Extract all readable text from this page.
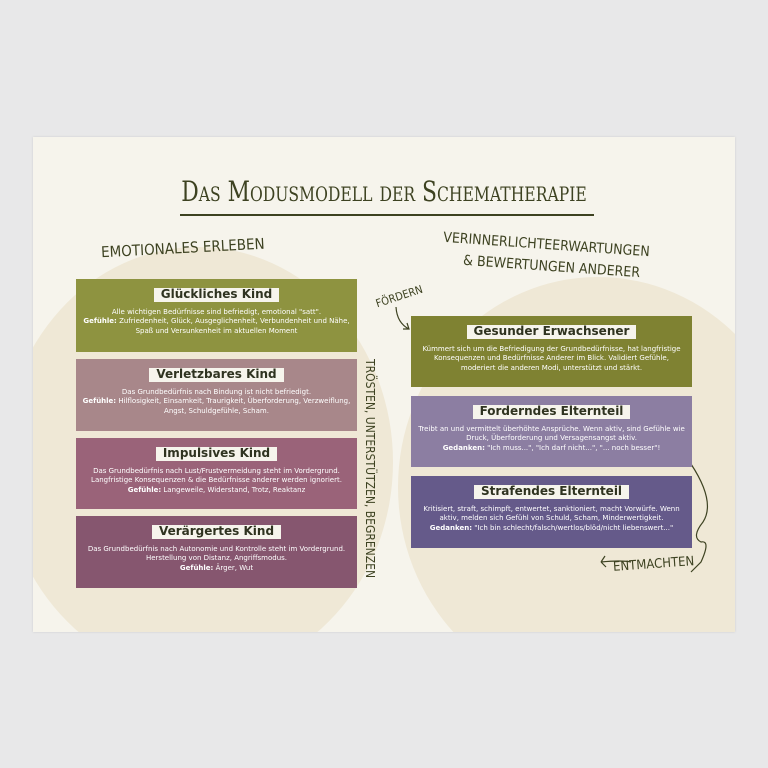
Das Modusmodell der Schematherapie
EMOTIONALES ERLEBEN	VERINNERLICHTEERWARTUNGEN
& BEWERTUNGEN ANDERER
FÖRDERN
TRÖSTEN, UNTERSTÜTZEN, BEGRENZEN	ENTMACHTEN
Glückliches Kind
Alle wichtigen Bedürfnisse sind befriedigt, emotional "satt".
Gefühle: Zufriedenheit, Glück, Ausgeglichenheit, Verbundenheit und Nähe, Spaß und Versunkenheit im aktuellen Moment
Verletzbares Kind
Das Grundbedürfnis nach Bindung ist nicht befriedigt.
Gefühle: Hilflosigkeit, Einsamkeit, Traurigkeit, Überforderung, Verzweiflung, Angst, Schuldgefühle, Scham.
Impulsives Kind
Das Grundbedürfnis nach Lust/Frustvermeidung steht im Vordergrund. Langfristige Konsequenzen & die Bedürfnisse anderer werden ignoriert.
Gefühle: Langeweile, Widerstand, Trotz, Reaktanz
Verärgertes Kind
Das Grundbedürfnis nach Autonomie und Kontrolle steht im Vordergrund. Herstellung von Distanz, Angriffsmodus.
Gefühle: Ärger, Wut
Gesunder Erwachsener
Kümmert sich um die Befriedigung der Grundbedürfnisse, hat langfristige Konsequenzen und Bedürfnisse Anderer im Blick. Validiert Gefühle, moderiert die anderen Modi, unterstützt und stärkt.
Forderndes Elternteil
Treibt an und vermittelt überhöhte Ansprüche. Wenn aktiv, sind Gefühle wie Druck, Überforderung und Versagensangst aktiv.
Gedanken: "Ich muss...", "Ich darf nicht...", "... noch besser"!
Strafendes Elternteil
Kritisiert, straft, schimpft, entwertet, sanktioniert, macht Vorwürfe. Wenn aktiv, melden sich Gefühl von Schuld, Scham, Minderwertigkeit.
Gedanken: "Ich bin schlecht/falsch/wertlos/blöd/nicht liebenswert..."
